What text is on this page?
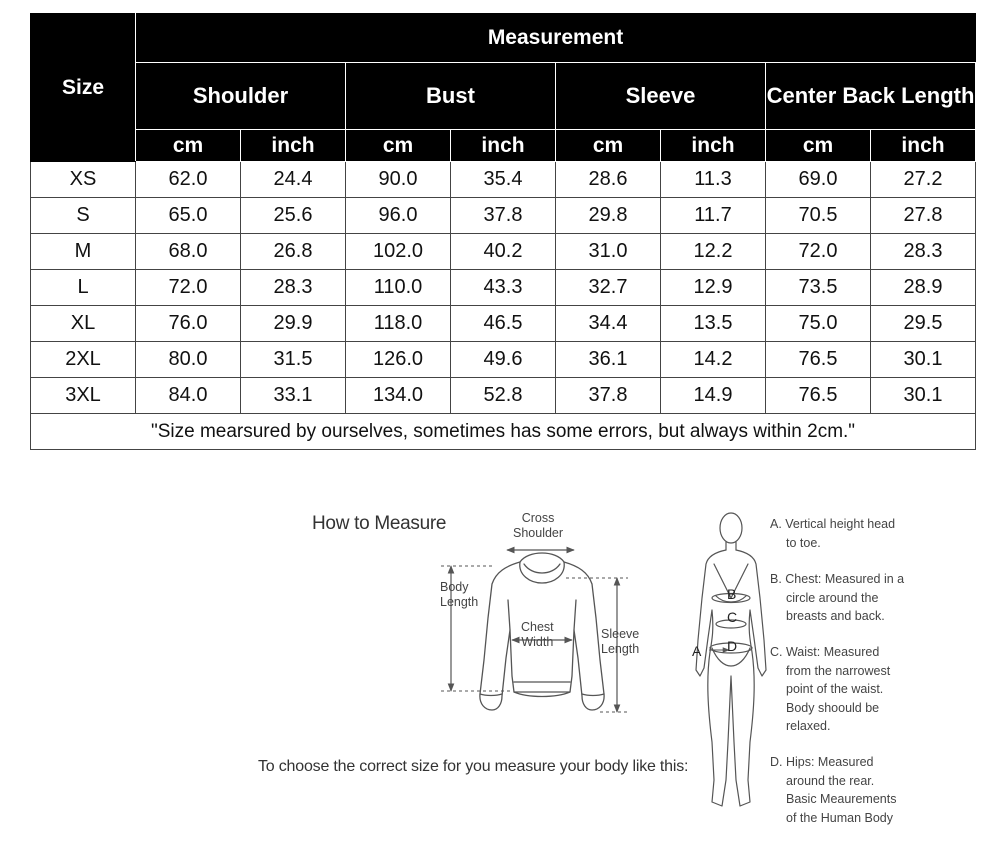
Size	Measurement							
	Shoulder		Bust		Sleeve		Center Back Length	
	cm	inch	cm	inch	cm	inch	cm	inch
XS	62.0	24.4	90.0	35.4	28.6	11.3	69.0	27.2
S	65.0	25.6	96.0	37.8	29.8	11.7	70.5	27.8
M	68.0	26.8	102.0	40.2	31.0	12.2	72.0	28.3
L	72.0	28.3	110.0	43.3	32.7	12.9	73.5	28.9
XL	76.0	29.9	118.0	46.5	34.4	13.5	75.0	29.5
2XL	80.0	31.5	126.0	49.6	36.1	14.2	76.5	30.1
3XL	84.0	33.1	134.0	52.8	37.8	14.9	76.5	30.1
"Size mearsured by ourselves, sometimes has some errors, but always within 2cm."								
How to Measure
To choose the correct size for you measure your body like this:
Cross
Shoulder
Body
Length
Chest
Width
Sleeve
Length	A
B
C
D
A. Vertical height head
to toe.
B. Chest: Measured in a
circle around the
breasts and back.
C. Waist: Measured
from the narrowest
point of the waist.
Body shoould be
relaxed.
D. Hips: Measured
around the rear.
Basic Meaurements
of the Human Body
